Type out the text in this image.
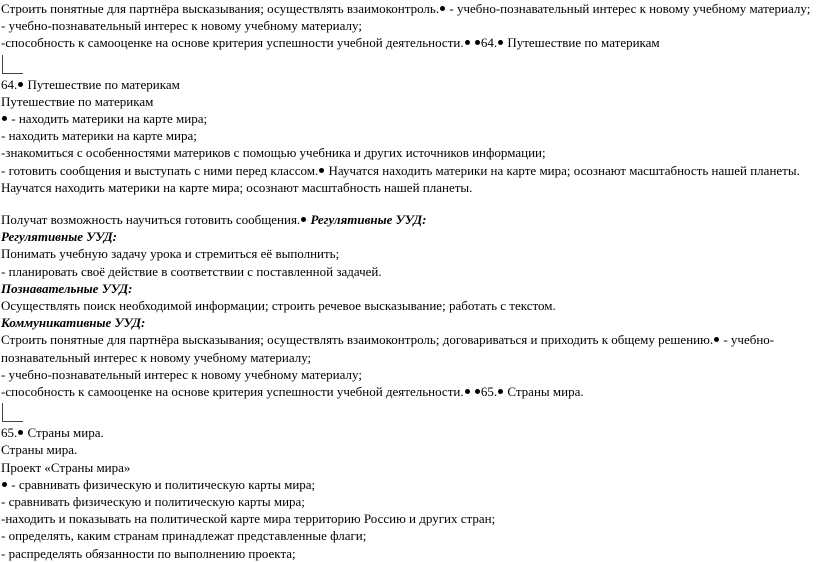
Строить понятные для партнёра высказывания; осуществлять взаимоконтроль. - учебно-познавательный интерес к новому учебному материалу;
- учебно-познавательный интерес к новому учебному материалу;
-способность к самооценке на основе критерия успешности учебной деятельности. 64. Путешествие по материкам
64. Путешествие по материкам
Путешествие по материкам
- находить материки на карте мира;
- находить материки на карте мира;
-знакомиться с особенностями материков с помощью учебника и других источников информации;
- готовить сообщения и выступать с ними перед классом. Научатся находить материки на карте мира; осознают масштабность нашей планеты.
Научатся находить материки на карте мира; осознают масштабность нашей планеты.
Получат возможность научиться готовить сообщения. Регулятивные УУД:
Регулятивные УУД:
Понимать учебную задачу урока и стремиться её выполнить;
- планировать своё действие в соответствии с поставленной задачей.
Познавательные УУД:
Осуществлять поиск необходимой информации; строить речевое высказывание; работать с текстом.
Коммуникативные УУД:
Строить понятные для партнёра высказывания; осуществлять взаимоконтроль; договариваться и приходить к общему решению. - учебно-
познавательный интерес к новому учебному материалу;
- учебно-познавательный интерес к новому учебному материалу;
-способность к самооценке на основе критерия успешности учебной деятельности. 65. Страны мира.
65. Страны мира.
Страны мира.
Проект «Страны мира»
- сравнивать физическую и политическую карты мира;
- сравнивать физическую и политическую карты мира;
-находить и показывать на политической карте мира территорию Россию и других стран;
- определять, каким странам принадлежат представленные флаги;
- распределять обязанности по выполнению проекта;
